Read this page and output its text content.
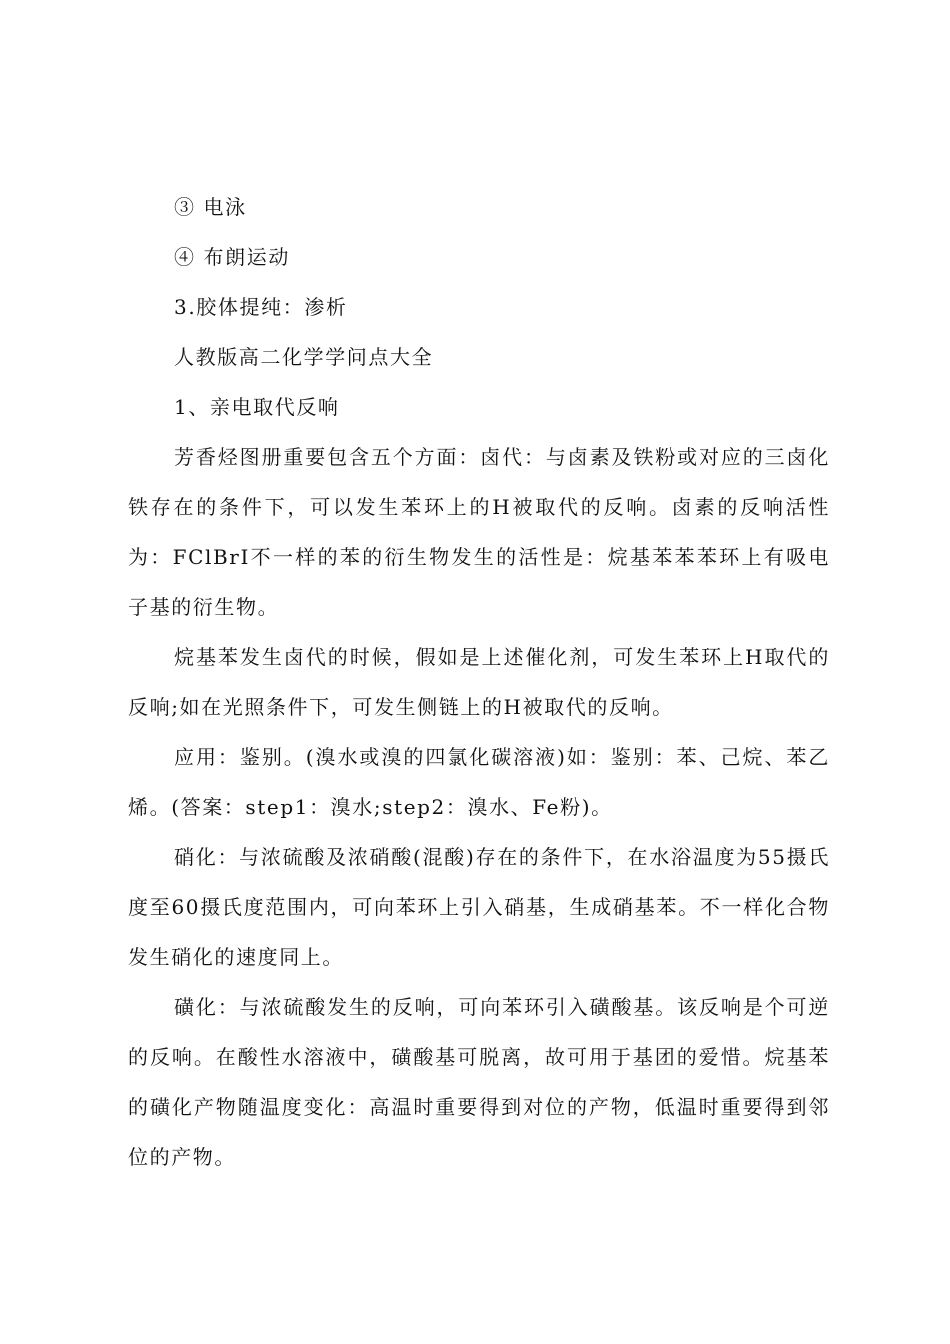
③ 电泳

④ 布朗运动

3.胶体提纯：渗析

人教版高二化学学问点大全

1、亲电取代反响

芳香烃图册重要包含五个方面：卤代：与卤素及铁粉或对应的三卤化铁存在的条件下，可以发生苯环上的H被取代的反响。卤素的反响活性为：FClBrI不一样的苯的衍生物发生的活性是：烷基苯苯苯环上有吸电子基的衍生物。

烷基苯发生卤代的时候，假如是上述催化剂，可发生苯环上H取代的反响;如在光照条件下，可发生侧链上的H被取代的反响。

应用：鉴别。(溴水或溴的四氯化碳溶液)如：鉴别：苯、己烷、苯乙烯。(答案：step1：溴水;step2：溴水、Fe粉)。

硝化：与浓硫酸及浓硝酸(混酸)存在的条件下，在水浴温度为55摄氏度至60摄氏度范围内，可向苯环上引入硝基，生成硝基苯。不一样化合物发生硝化的速度同上。

磺化：与浓硫酸发生的反响，可向苯环引入磺酸基。该反响是个可逆的反响。在酸性水溶液中，磺酸基可脱离，故可用于基团的爱惜。烷基苯的磺化产物随温度变化：高温时重要得到对位的产物，低温时重要得到邻位的产物。
